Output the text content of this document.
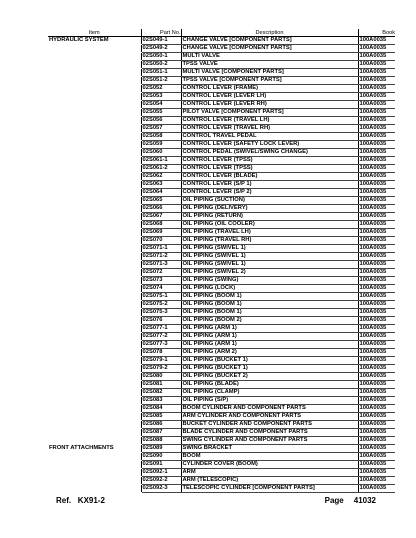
Item	Part No.	Description	Book
HYDRAULIC SYSTEM	02S049-1	CHANGE VALVE [COMPONENT PARTS]	100A0035
	02S049-2	CHANGE VALVE [COMPONENT PARTS]	100A0035
	02S050-1	MULTI VALVE	100A0035
	02S050-2	TPSS VALVE	100A0035
	02S051-1	MULTI VALVE [COMPONENT PARTS]	100A0035
	02S051-2	TPSS VALVE [COMPONENT PARTS]	100A0035
	02S052	CONTROL LEVER (FRAME)	100A0035
	02S053	CONTROL LEVER (LEVER LH)	100A0035
	02S054	CONTROL LEVER (LEVER RH)	100A0035
	02S055	PILOT VALVE [COMPONENT PARTS]	100A0035
	02S056	CONTROL LEVER (TRAVEL LH)	100A0035
	02S057	CONTROL LEVER (TRAVEL RH)	100A0035
	02S058	CONTROL TRAVEL PEDAL	100A0035
	02S059	CONTROL LEVER (SAFETY LOCK LEVER)	100A0035
	02S060	CONTROL PEDAL (SWIVEL/SWING CHANGE)	100A0035
	02S061-1	CONTROL LEVER (TPSS)	100A0035
	02S061-2	CONTROL LEVER (TPSS)	100A0035
	02S062	CONTROL LEVER (BLADE)	100A0035
	02S063	CONTROL LEVER (S/P 1)	100A0035
	02S064	CONTROL LEVER (S/P 2)	100A0035
	02S065	OIL PIPING (SUCTION)	100A0035
	02S066	OIL PIPING (DELIVERY)	100A0035
	02S067	OIL PIPING (RETURN)	100A0035
	02S068	OIL PIPING (OIL COOLER)	100A0035
	02S069	OIL PIPING (TRAVEL LH)	100A0035
	02S070	OIL PIPING (TRAVEL RH)	100A0035
	02S071-1	OIL PIPING (SWIVEL 1)	100A0035
	02S071-2	OIL PIPING (SWIVEL 1)	100A0035
	02S071-3	OIL PIPING (SWIVEL 1)	100A0035
	02S072	OIL PIPING (SWIVEL 2)	100A0035
	02S073	OIL PIPING (SWING)	100A0035
	02S074	OIL PIPING (LOCK)	100A0035
	02S075-1	OIL PIPING (BOOM 1)	100A0035
	02S075-2	OIL PIPING (BOOM 1)	100A0035
	02S075-3	OIL PIPING (BOOM 1)	100A0035
	02S076	OIL PIPING (BOOM 2)	100A0035
	02S077-1	OIL PIPING (ARM 1)	100A0035
	02S077-2	OIL PIPING (ARM 1)	100A0035
	02S077-3	OIL PIPING (ARM 1)	100A0035
	02S078	OIL PIPING (ARM 2)	100A0035
	02S079-1	OIL PIPING (BUCKET 1)	100A0035
	02S079-2	OIL PIPING (BUCKET 1)	100A0035
	02S080	OIL PIPING (BUCKET 2)	100A0035
	02S081	OIL PIPING (BLADE)	100A0035
	02S082	OIL PIPING (CLAMP)	100A0035
	02S083	OIL PIPING (S/P)	100A0035
	02S084	BOOM CYLINDER AND COMPONENT PARTS	100A0035
	02S085	ARM CYLINDER AND COMPONENT PARTS	100A0035
	02S086	BUCKET CYLINDER AND COMPONENT PARTS	100A0035
	02S087	BLADE CYLINDER AND COMPONENT PARTS	100A0035
	02S088	SWING CYLINDER AND COMPONENT PARTS	100A0035
FRONT ATTACHMENTS	02S089	SWING BRACKET	100A0035
	02S090	BOOM	100A0035
	02S091	CYLINDER COVER (BOOM)	100A0035
	02S092-1	ARM	100A0035
	02S092-2	ARM (TELESCOPIC)	100A0035
	02S092-3	TELESCOPIC CYLINDER [COMPONENT PARTS]	100A0035
Ref. KX91-2	Page 41032
